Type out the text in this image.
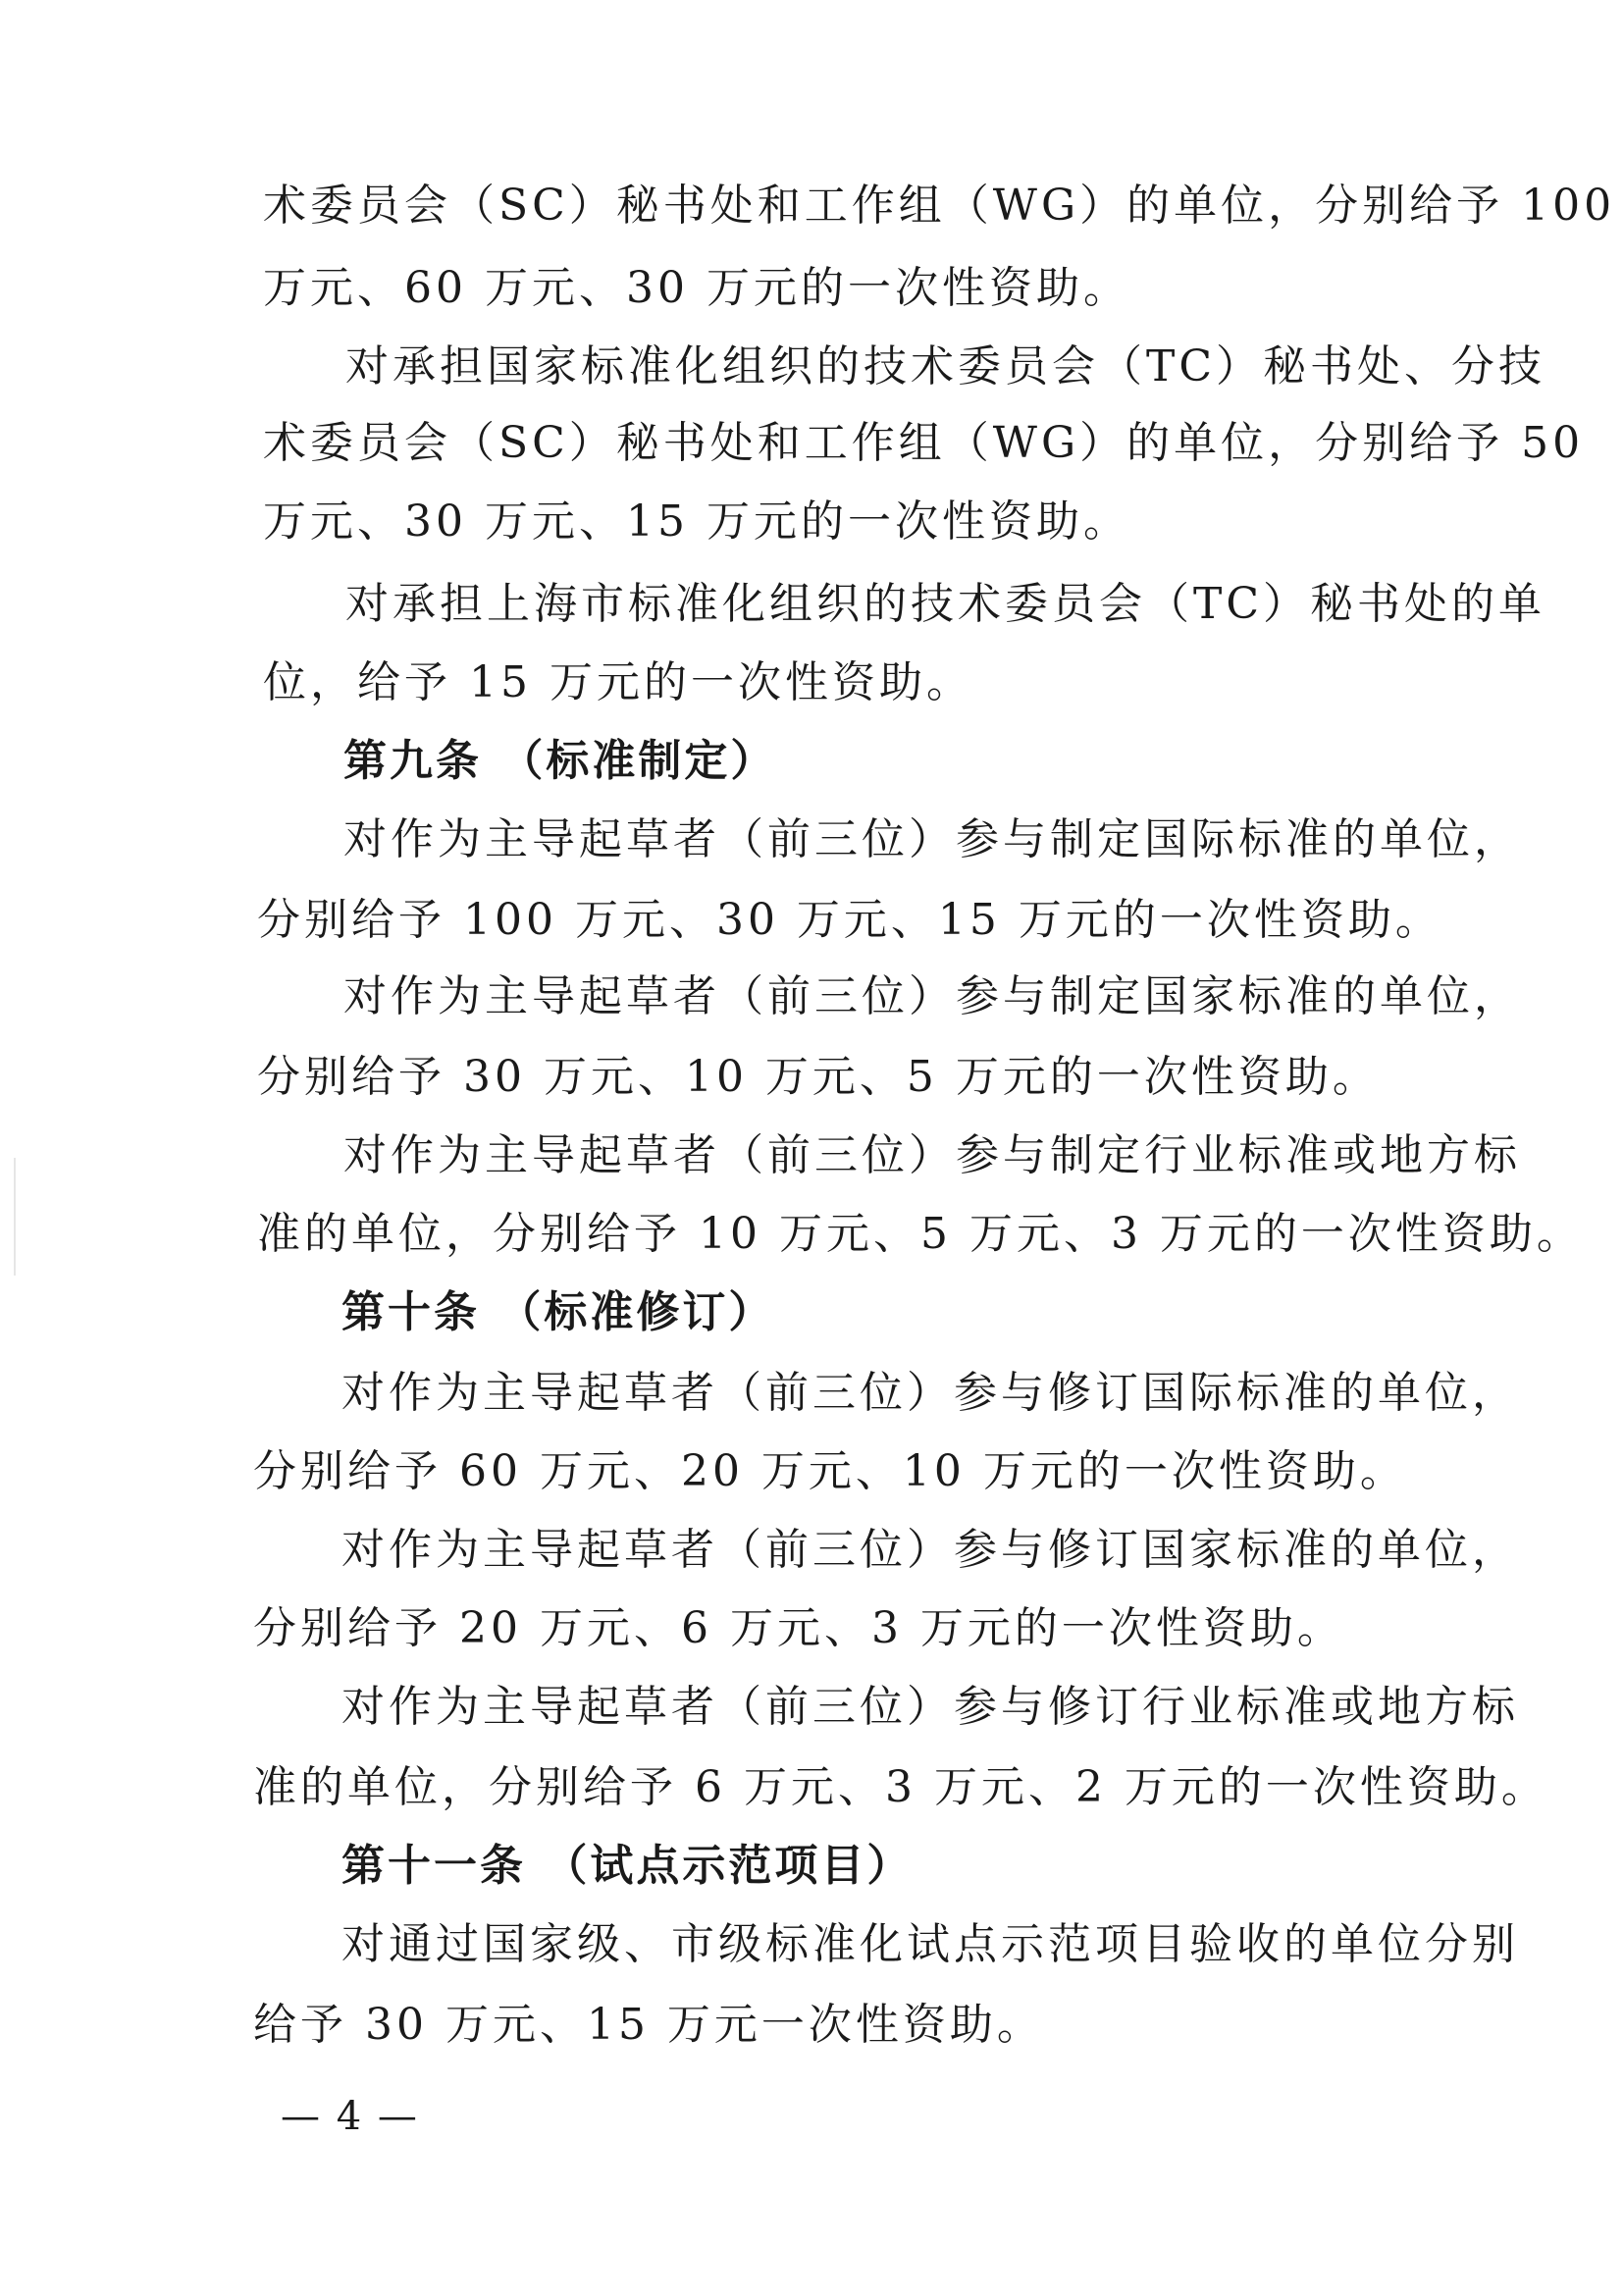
术委员会（SC）秘书处和工作组（WG）的单位，分别给予 100
万元、60 万元、30 万元的一次性资助。
对承担国家标准化组织的技术委员会（TC）秘书处、分技
术委员会（SC）秘书处和工作组（WG）的单位，分别给予 50
万元、30 万元、15 万元的一次性资助。
对承担上海市标准化组织的技术委员会（TC）秘书处的单
位，给予 15 万元的一次性资助。
第九条 （标准制定）
对作为主导起草者（前三位）参与制定国际标准的单位，
分别给予 100 万元、30 万元、15 万元的一次性资助。
对作为主导起草者（前三位）参与制定国家标准的单位，
分别给予 30 万元、10 万元、5 万元的一次性资助。
对作为主导起草者（前三位）参与制定行业标准或地方标
准的单位，分别给予 10 万元、5 万元、3 万元的一次性资助。
第十条 （标准修订）
对作为主导起草者（前三位）参与修订国际标准的单位，
分别给予 60 万元、20 万元、10 万元的一次性资助。
对作为主导起草者（前三位）参与修订国家标准的单位，
分别给予 20 万元、6 万元、3 万元的一次性资助。
对作为主导起草者（前三位）参与修订行业标准或地方标
准的单位，分别给予 6 万元、3 万元、2 万元的一次性资助。
第十一条 （试点示范项目）
对通过国家级、市级标准化试点示范项目验收的单位分别
给予 30 万元、15 万元一次性资助。
— 4 —
